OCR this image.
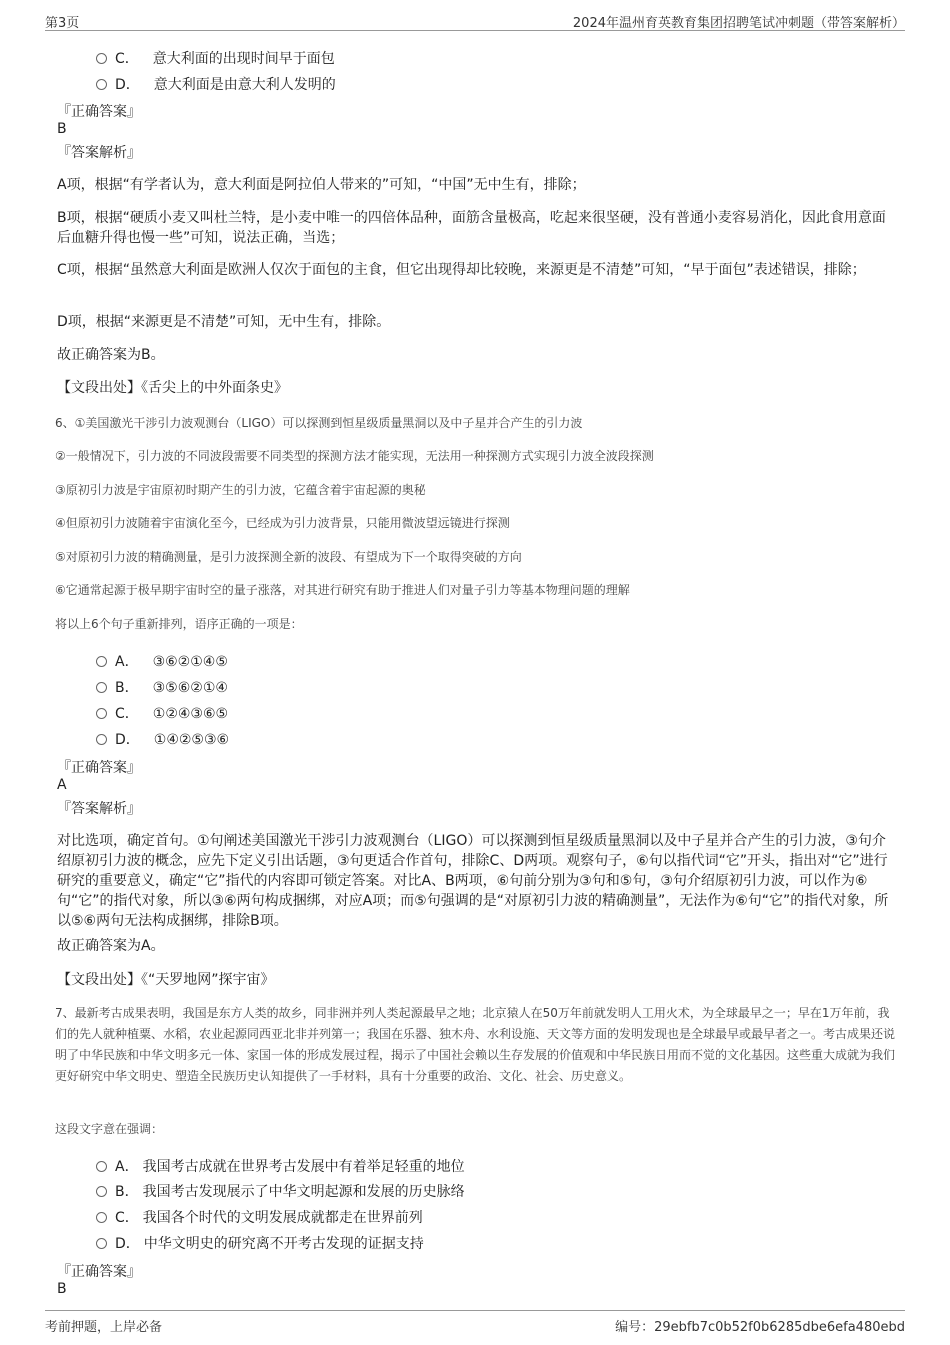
第3页	2024年温州育英教育集团招聘笔试冲刺题（带答案解析）
C． 意大利面的出现时间早于面包
D． 意大利面是由意大利人发明的
『正确答案』
B
『答案解析』
A项，根据“有学者认为，意大利面是阿拉伯人带来的”可知，“中国”无中生有，排除；
B项，根据“硬质小麦又叫杜兰特，是小麦中唯一的四倍体品种，面筋含量极高，吃起来很坚硬，没有普通小麦容易消化，因此食用意面后血糖升得也慢一些”可知，说法正确，当选；
C项，根据“虽然意大利面是欧洲人仅次于面包的主食，但它出现得却比较晚，来源更是不清楚”可知，“早于面包”表述错误，排除；
D项，根据“来源更是不清楚”可知，无中生有，排除。
故正确答案为B。
【文段出处】《舌尖上的中外面条史》
6、①美国激光干涉引力波观测台（LIGO）可以探测到恒星级质量黑洞以及中子星并合产生的引力波
②一般情况下，引力波的不同波段需要不同类型的探测方法才能实现，无法用一种探测方式实现引力波全波段探测
③原初引力波是宇宙原初时期产生的引力波，它蕴含着宇宙起源的奥秘
④但原初引力波随着宇宙演化至今，已经成为引力波背景，只能用微波望远镜进行探测
⑤对原初引力波的精确测量，是引力波探测全新的波段、有望成为下一个取得突破的方向
⑥它通常起源于极早期宇宙时空的量子涨落，对其进行研究有助于推进人们对量子引力等基本物理问题的理解
将以上6个句子重新排列，语序正确的一项是：
A． ③⑥②①④⑤
B． ③⑤⑥②①④
C． ①②④③⑥⑤
D． ①④②⑤③⑥
『正确答案』
A
『答案解析』
对比选项，确定首句。①句阐述美国激光干涉引力波观测台（LIGO）可以探测到恒星级质量黑洞以及中子星并合产生的引力波，③句介绍原初引力波的概念，应先下定义引出话题，③句更适合作首句，排除C、D两项。观察句子，⑥句以指代词“它”开头，指出对“它”进行研究的重要意义，确定“它”指代的内容即可锁定答案。对比A、B两项，⑥句前分别为③句和⑤句，③句介绍原初引力波，可以作为⑥句“它”的指代对象，所以③⑥两句构成捆绑，对应A项；而⑤句强调的是“对原初引力波的精确测量”，无法作为⑥句“它”的指代对象，所以⑤⑥两句无法构成捆绑，排除B项。
故正确答案为A。
【文段出处】《“天罗地网”探宇宙》
7、最新考古成果表明，我国是东方人类的故乡，同非洲并列人类起源最早之地；北京猿人在50万年前就发明人工用火术，为全球最早之一；早在1万年前，我们的先人就种植粟、水稻，农业起源同西亚北非并列第一；我国在乐器、独木舟、水利设施、天文等方面的发明发现也是全球最早或最早者之一。考古成果还说明了中华民族和中华文明多元一体、家国一体的形成发展过程，揭示了中国社会赖以生存发展的价值观和中华民族日用而不觉的文化基因。这些重大成就为我们更好研究中华文明史、塑造全民族历史认知提供了一手材料，具有十分重要的政治、文化、社会、历史意义。
这段文字意在强调：
A． 我国考古成就在世界考古发展中有着举足轻重的地位
B． 我国考古发现展示了中华文明起源和发展的历史脉络
C． 我国各个时代的文明发展成就都走在世界前列
D． 中华文明史的研究离不开考古发现的证据支持
『正确答案』
B
考前押题，上岸必备	编号：29ebfb7c0b52f0b6285dbe6efa480ebd
